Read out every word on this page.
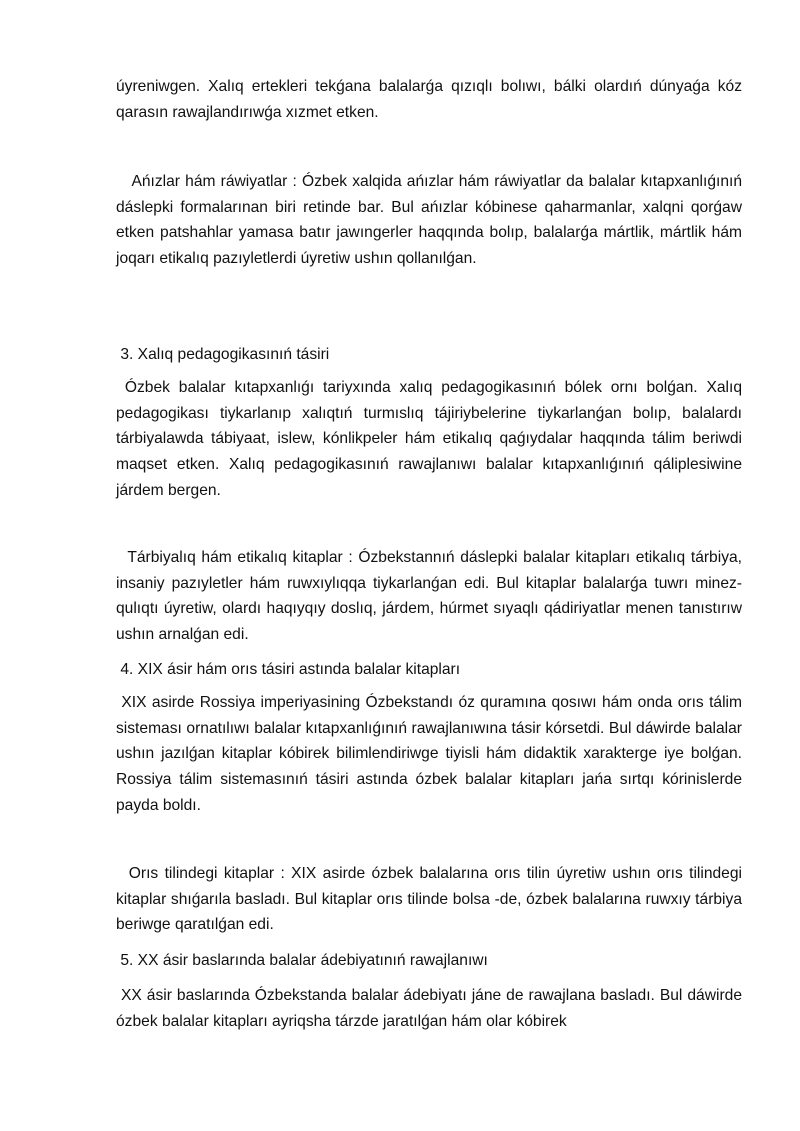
úyreniwgen. Xalıq ertekleri tekǵana balalarǵa qızıqlı bolıwı, bálki olardıń dúnyaǵa kóz qarasın rawajlandırıwǵa xızmet etken.

Ańızlar hám ráwiyatlar : Ózbek xalqida ańızlar hám ráwiyatlar da balalar kıtapxanlıǵınıń dáslepki formalarınan biri retinde bar. Bul ańızlar kóbinese qaharmanlar, xalqni qorǵaw etken patshahlar yamasa batır jawıngerler haqqında bolıp, balalarǵa mártlik, mártlik hám joqarı etikalıq pazıyletlerdi úyretiw ushın qollanılǵan.

3. Xalıq pedagogikasınıń tásiri

Ózbek balalar kıtapxanlıǵı tariyxında xalıq pedagogikasınıń bólek ornı bolǵan. Xalıq pedagogikası tiykarlanıp xalıqtıń turmıslıq tájiriybelerine tiykarlanǵan bolıp, balalardı tárbiyalawda tábiyaat, islew, kónlikpeler hám etikalıq qaǵıydalar haqqında tálim beriwdi maqset etken. Xalıq pedagogikasınıń rawajlanıwı balalar kıtapxanlıǵınıń qáliplesiwine járdem bergen.

Tárbiyalıq hám etikalıq kitaplar : Ózbekstannıń dáslepki balalar kitapları etikalıq tárbiya, insaniy pazıyletler hám ruwxıylıqqa tiykarlanǵan edi. Bul kitaplar balalarǵa tuwrı minez-qulıqtı úyretiw, olardı haqıyqıy doslıq, járdem, húrmet sıyaqlı qádiriyatlar menen tanıstırıw ushın arnalǵan edi.

4. XIX ásir hám orıs tásiri astında balalar kitapları

XIX asirde Rossiya imperiyasining Ózbekstandı óz quramına qosıwı hám onda orıs tálim sisteması ornatılıwı balalar kıtapxanlıǵınıń rawajlanıwına tásir kórsetdi. Bul dáwirde balalar ushın jazılǵan kitaplar kóbirek bilimlendiriwge tiyisli hám didaktik xarakterge iye bolǵan. Rossiya tálim sistemasınıń tásiri astında ózbek balalar kitapları jańa sırtqı kórinislerde payda boldı.

Orıs tilindegi kitaplar : XIX asirde ózbek balalarına orıs tilin úyretiw ushın orıs tilindegi kitaplar shıǵarıla basladı. Bul kitaplar orıs tilinde bolsa -de, ózbek balalarına ruwxıy tárbiya beriwge qaratılǵan edi.

5. XX ásir baslarında balalar ádebiyatınıń rawajlanıwı

XX ásir baslarında Ózbekstanda balalar ádebiyatı jáne de rawajlana basladı. Bul dáwirde ózbek balalar kitapları ayriqsha tárzde jaratılǵan hám olar kóbirek
